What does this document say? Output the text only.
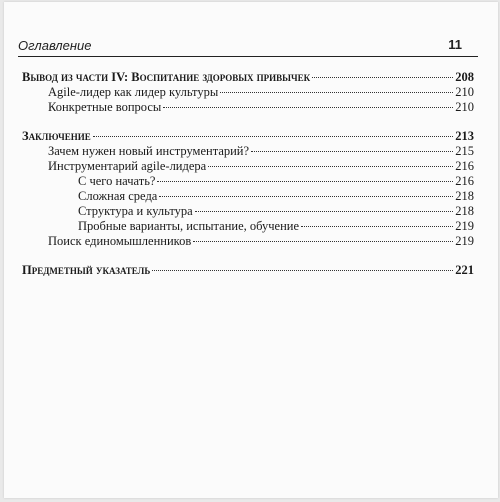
Оглавление	11
Вывод из части IV: Воспитание здоровых привычек	208
Agile-лидер как лидер культуры	210
Конкретные вопросы	210
Заключение	213
Зачем нужен новый инструментарий?	215
Инструментарий agile-лидера	216
С чего начать?	216
Сложная среда	218
Структура и культура	218
Пробные варианты, испытание, обучение	219
Поиск единомышленников	219
Предметный указатель	221
